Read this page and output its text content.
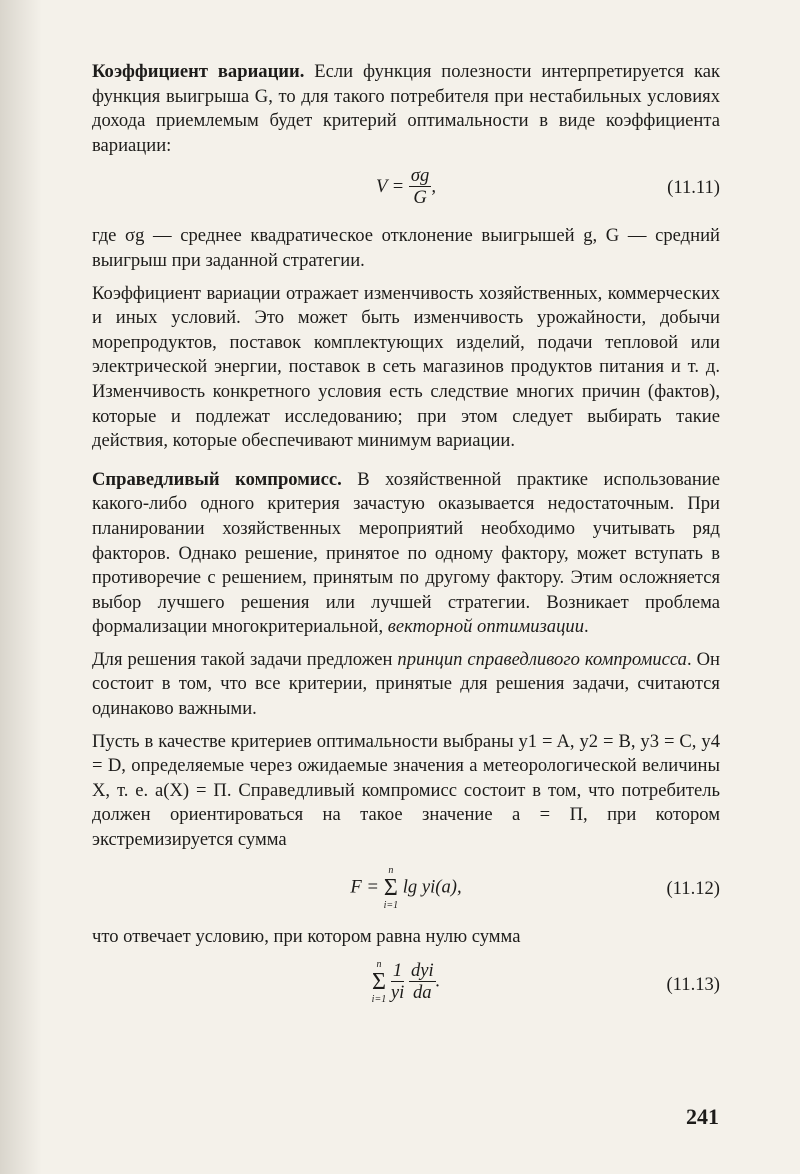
Коэффициент вариации. Если функция полезности интерпретируется как функция выигрыша G, то для такого потребителя при нестабильных условиях дохода приемлемым будет критерий оптимальности в виде коэффициента вариации:

$V = \frac{\sigma g}{G}$ ,	(11.11)

где σg — среднее квадратическое отклонение выигрышей g, G — средний выигрыш при заданной стратегии.

Коэффициент вариации отражает изменчивость хозяйственных, коммерческих и иных условий. Это может быть изменчивость урожайности, добычи морепродуктов, поставок комплектующих изделий, подачи тепловой или электрической энергии, поставок в сеть магазинов продуктов питания и т. д. Изменчивость конкретного условия есть следствие многих причин (фактов), которые и подлежат исследованию; при этом следует выбирать такие действия, которые обеспечивают минимум вариации.

Справедливый компромисс. В хозяйственной практике использование какого-либо одного критерия зачастую оказывается недостаточным. При планировании хозяйственных мероприятий необходимо учитывать ряд факторов. Однако решение, принятое по одному фактору, может вступать в противоречие с решением, принятым по другому фактору. Этим осложняется выбор лучшего решения или лучшей стратегии. Возникает проблема формализации многокритериальной, векторной оптимизации.

Для решения такой задачи предложен принцип справедливого компромисса. Он состоит в том, что все критерии, принятые для решения задачи, считаются одинаково важными.

Пусть в качестве критериев оптимальности выбраны y1 = A, y2 = B, y3 = C, y4 = D, определяемые через ожидаемые значения a метеорологической величины X, т. е. a(X) = П. Справедливый компромисс состоит в том, что потребитель должен ориентироваться на такое значение a = П, при котором экстремизируется сумма

F =
n
Σ
i=1
lg yi(a),	(11.12)

что отвечает условию, при котором равна нулю сумма

n
Σ
i=1
$\frac{1}{yi}$
$\frac{\text{dyi}}{da}$ .	(11.13)
241
